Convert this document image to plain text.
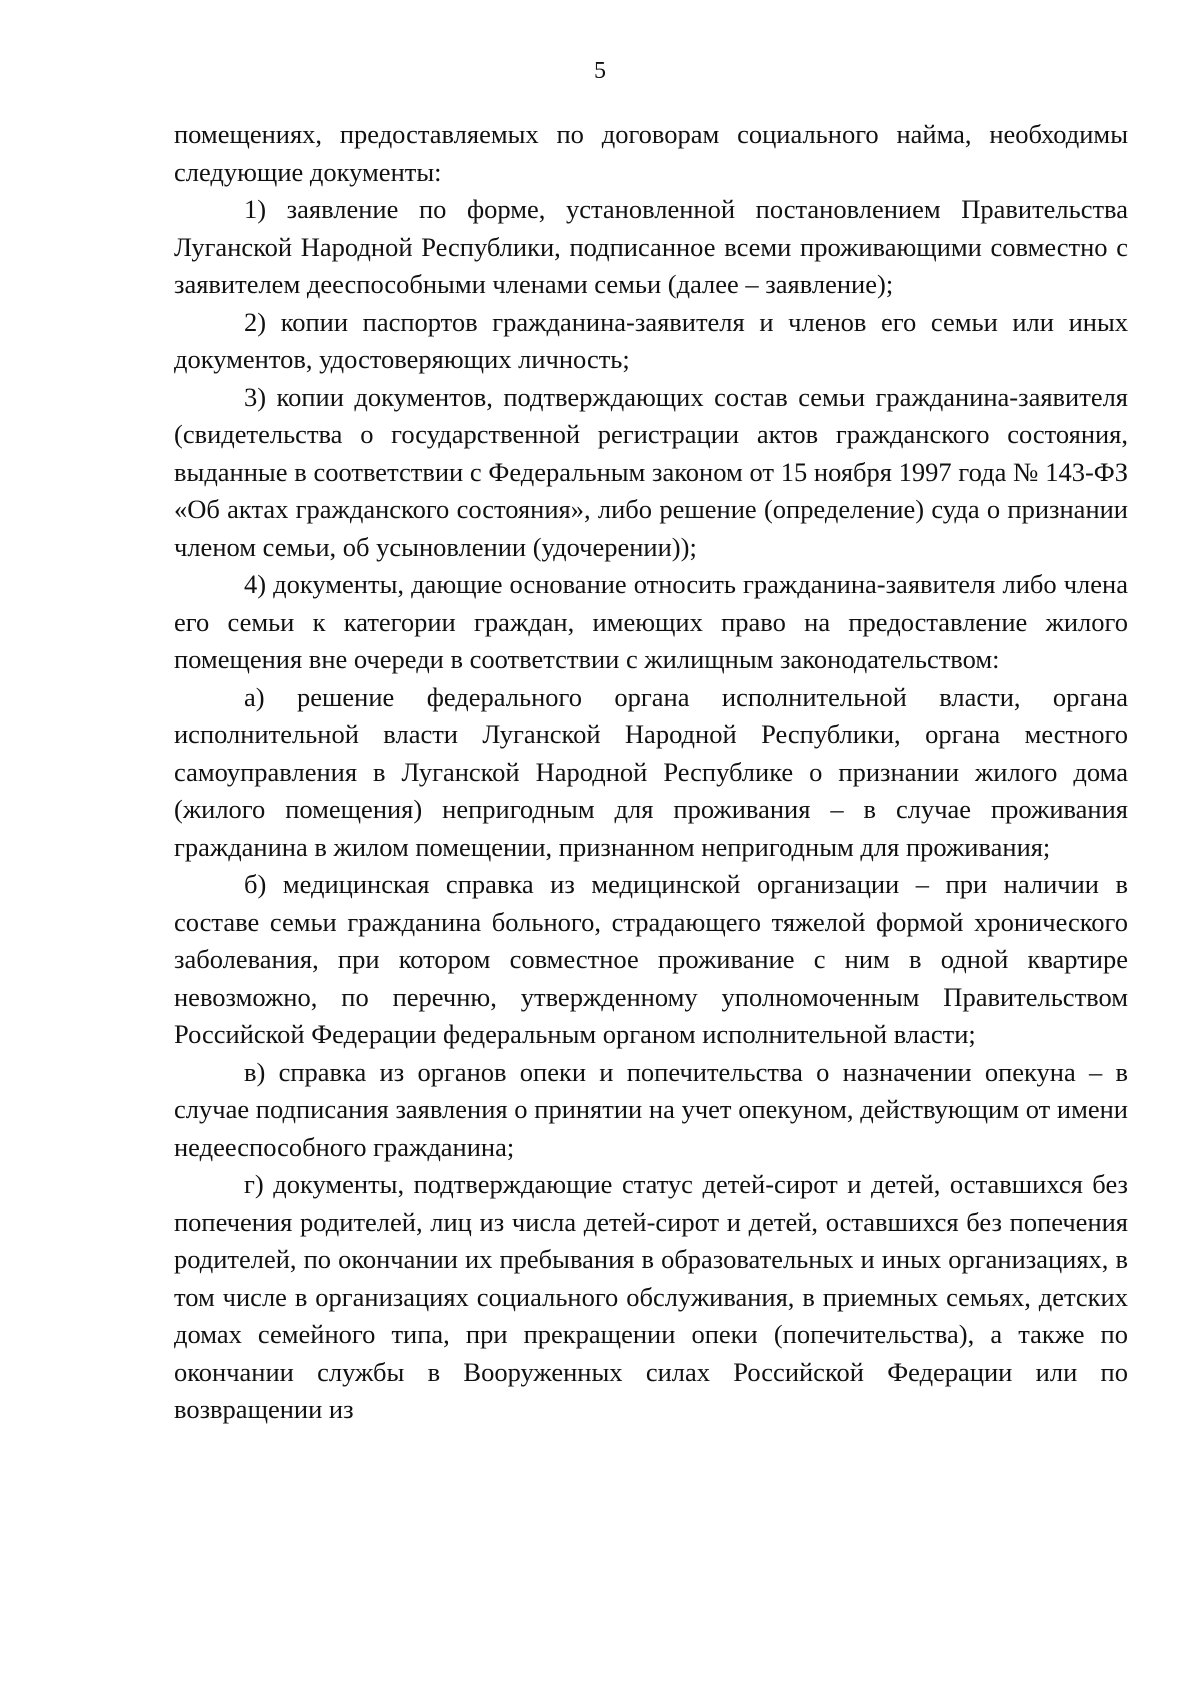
5

помещениях, предоставляемых по договорам социального найма, необходимы следующие документы:

1) заявление по форме, установленной постановлением Правительства Луганской Народной Республики, подписанное всеми проживающими совместно с заявителем дееспособными членами семьи (далее – заявление);

2) копии паспортов гражданина-заявителя и членов его семьи или иных документов, удостоверяющих личность;

3) копии документов, подтверждающих состав семьи гражданина-заявителя (свидетельства о государственной регистрации актов гражданского состояния, выданные в соответствии с Федеральным законом от 15 ноября 1997 года № 143-ФЗ «Об актах гражданского состояния», либо решение (определение) суда о признании членом семьи, об усыновлении (удочерении));

4) документы, дающие основание относить гражданина-заявителя либо члена его семьи к категории граждан, имеющих право на предоставление жилого помещения вне очереди в соответствии с жилищным законодательством:

а) решение федерального органа исполнительной власти, органа исполнительной власти Луганской Народной Республики, органа местного самоуправления в Луганской Народной Республике о признании жилого дома (жилого помещения) непригодным для проживания – в случае проживания гражданина в жилом помещении, признанном непригодным для проживания;

б) медицинская справка из медицинской организации – при наличии в составе семьи гражданина больного, страдающего тяжелой формой хронического заболевания, при котором совместное проживание с ним в одной квартире невозможно, по перечню, утвержденному уполномоченным Правительством Российской Федерации федеральным органом исполнительной власти;

в) справка из органов опеки и попечительства о назначении опекуна – в случае подписания заявления о принятии на учет опекуном, действующим от имени недееспособного гражданина;

г) документы, подтверждающие статус детей-сирот и детей, оставшихся без попечения родителей, лиц из числа детей-сирот и детей, оставшихся без попечения родителей, по окончании их пребывания в образовательных и иных организациях, в том числе в организациях социального обслуживания, в приемных семьях, детских домах семейного типа, при прекращении опеки (попечительства), а также по окончании службы в Вооруженных силах Российской Федерации или по возвращении из
